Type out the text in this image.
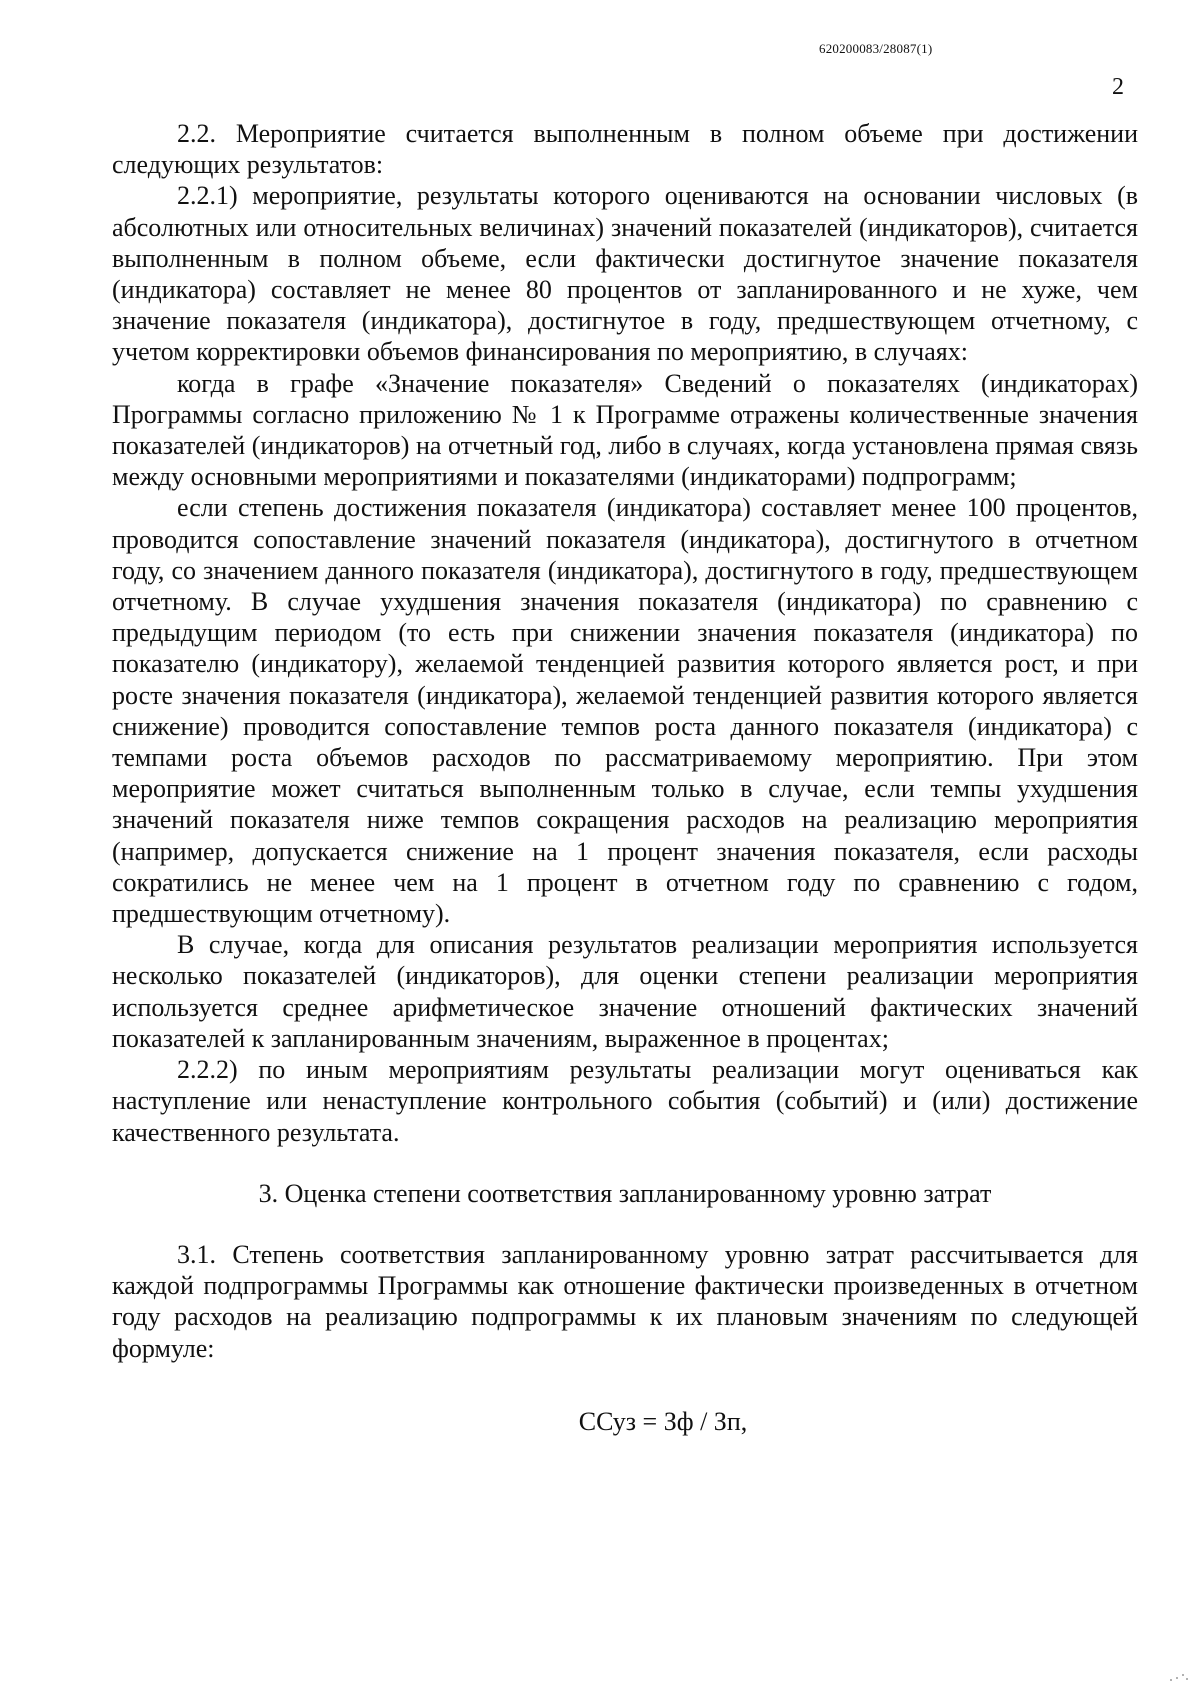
620200083/28087(1)
2

2.2. Мероприятие считается выполненным в полном объеме при достижении следующих результатов:

2.2.1) мероприятие, результаты которого оцениваются на основании числовых (в абсолютных или относительных величинах) значений показателей (индикаторов), считается выполненным в полном объеме, если фактически достигнутое значение показателя (индикатора) составляет не менее 80 процентов от запланированного и не хуже, чем значение показателя (индикатора), достигнутое в году, предшествующем отчетному, с учетом корректировки объемов финансирования по мероприятию, в случаях:

когда в графе «Значение показателя» Сведений о показателях (индикаторах) Программы согласно приложению № 1 к Программе отражены количественные значения показателей (индикаторов) на отчетный год, либо в случаях, когда установлена прямая связь между основными мероприятиями и показателями (индикаторами) подпрограмм;

если степень достижения показателя (индикатора) составляет менее 100 процентов, проводится сопоставление значений показателя (индикатора), достигнутого в отчетном году, со значением данного показателя (индикатора), достигнутого в году, предшествующем отчетному. В случае ухудшения значения показателя (индикатора) по сравнению с предыдущим периодом (то есть при снижении значения показателя (индикатора) по показателю (индикатору), желаемой тенденцией развития которого является рост, и при росте значения показателя (индикатора), желаемой тенденцией развития которого является снижение) проводится сопоставление темпов роста данного показателя (индикатора) с темпами роста объемов расходов по рассматриваемому мероприятию. При этом мероприятие может считаться выполненным только в случае, если темпы ухудшения значений показателя ниже темпов сокращения расходов на реализацию мероприятия (например, допускается снижение на 1 процент значения показателя, если расходы сократились не менее чем на 1 процент в отчетном году по сравнению с годом, предшествующим отчетному).

В случае, когда для описания результатов реализации мероприятия используется несколько показателей (индикаторов), для оценки степени реализации мероприятия используется среднее арифметическое значение отношений фактических значений показателей к запланированным значениям, выраженное в процентах;

2.2.2) по иным мероприятиям результаты реализации могут оцениваться как наступление или ненаступление контрольного события (событий) и (или) достижение качественного результата.

3. Оценка степени соответствия запланированному уровню затрат

3.1. Степень соответствия запланированному уровню затрат рассчитывается для каждой подпрограммы Программы как отношение фактически произведенных в отчетном году расходов на реализацию подпрограммы к их плановым значениям по следующей формуле:

ССуз = Зф / Зп,
